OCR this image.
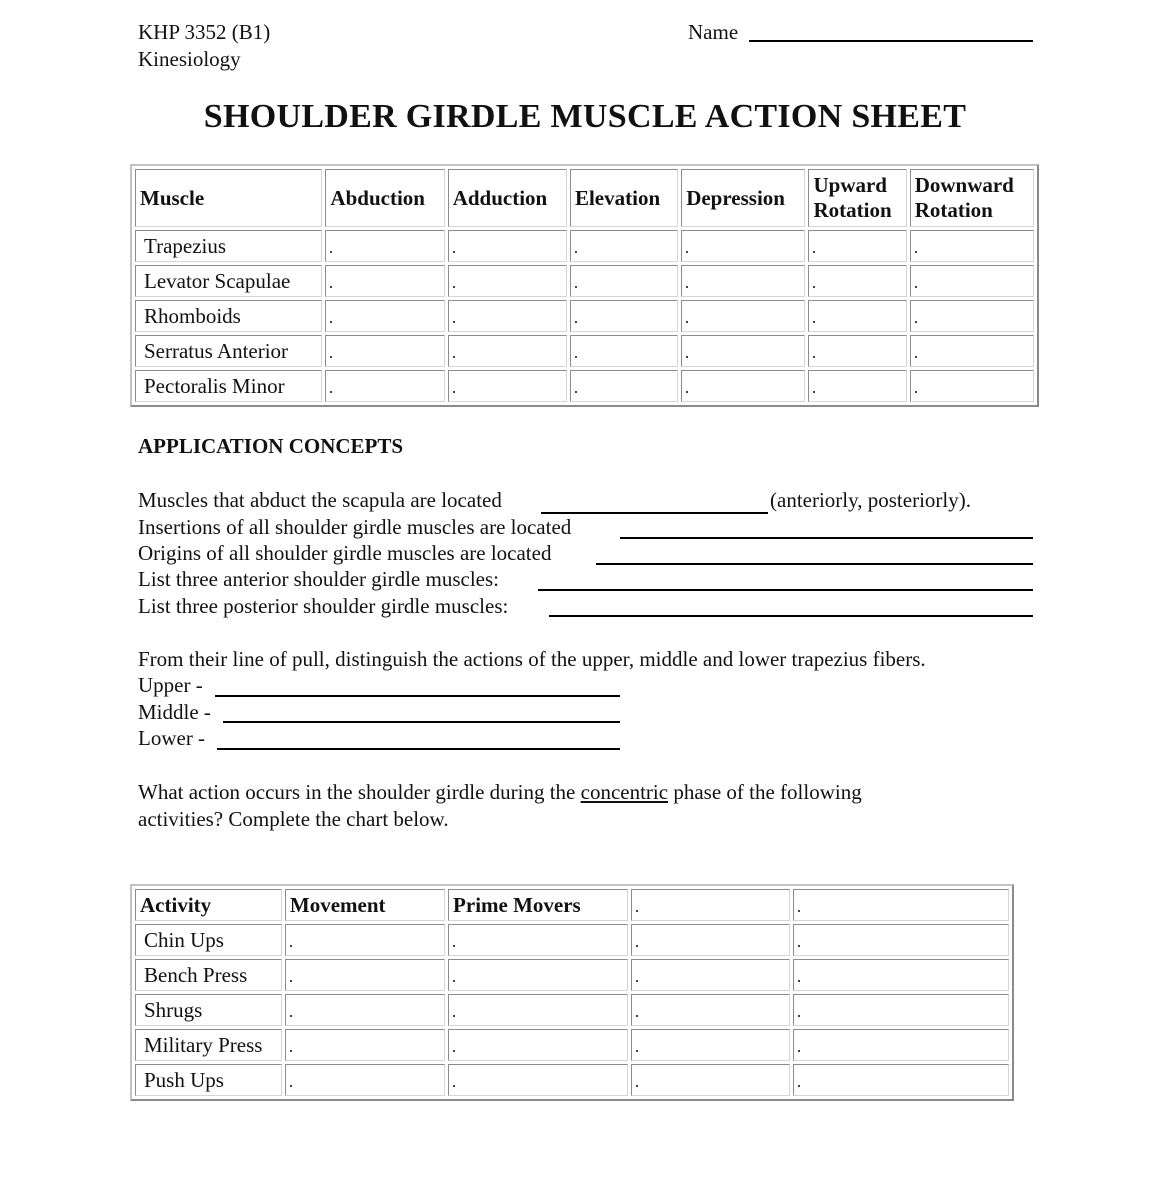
KHP 3352 (B1)
Kinesiology
Name
SHOULDER GIRDLE MUSCLE ACTION SHEET
Muscle	Abduction	Adduction	Elevation	Depression	Upward Rotation	Downward Rotation
Trapezius						
Levator Scapulae						
Rhomboids						
Serratus Anterior						
Pectoralis Minor						
APPLICATION CONCEPTS
Muscles that abduct the scapula are located	(anteriorly, posteriorly).
Insertions of all shoulder girdle muscles are located
Origins of all shoulder girdle muscles are located
List three anterior shoulder girdle muscles:
List three posterior shoulder girdle muscles:
From their line of pull, distinguish the actions of the upper, middle and lower trapezius fibers.
Upper -
Middle -
Lower -
What action occurs in the shoulder girdle during the concentric phase of the following
activities? Complete the chart below.
Activity	Movement	Prime Movers		
Chin Ups				
Bench Press				
Shrugs				
Military Press				
Push Ups				
